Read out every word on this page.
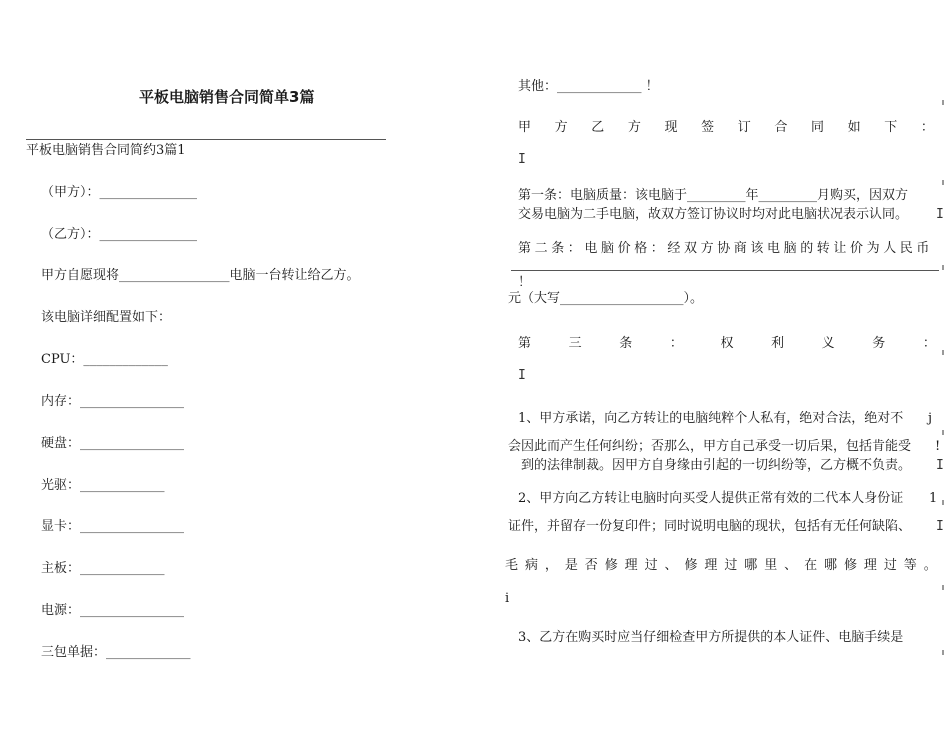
平板电脑销售合同简单3篇
平板电脑销售合同简约3篇1
（甲方）：_______________
（乙方）：_______________
甲方自愿现将_________________电脑一台转让给乙方。
该电脑详细配置如下：
CPU：_____________
内存：________________
硬盘：________________
光驱：_____________
显卡：________________
主板：_____________
电源：________________
三包单据：_____________
其他：_____________ ！
甲 方 乙 方 现 签 订 合 同 如 下 ：
I
第一条：电脑质量：该电脑于_________年_________月购买，因双方
交易电脑为二手电脑，故双方签订协议时均对此电脑状况表示认同。 I
第二条：电脑价格：经双方协商该电脑的转让价为人民币
！
元（大写___________________）。
第	三	条	：	权	利	义	务	：
I
1、甲方承诺，向乙方转让的电脑纯粹个人私有，绝对合法，绝对不 j
会因此而产生任何纠纷；否那么，甲方自己承受一切后果，包括肯能受 !
到的法律制裁。因甲方自身缘由引起的一切纠纷等，乙方概不负责。 I
2、甲方向乙方转让电脑时向买受人提供正常有效的二代本人身份证 1
证件，并留存一份复印件；同时说明电脑的现状，包括有无任何缺陷、 I
毛 病 ， 是 否 修 理 过 、 修 理 过 哪 里 、 在 哪 修 理 过 等 。
i
3、乙方在购买时应当仔细检查甲方所提供的本人证件、电脑手续是
